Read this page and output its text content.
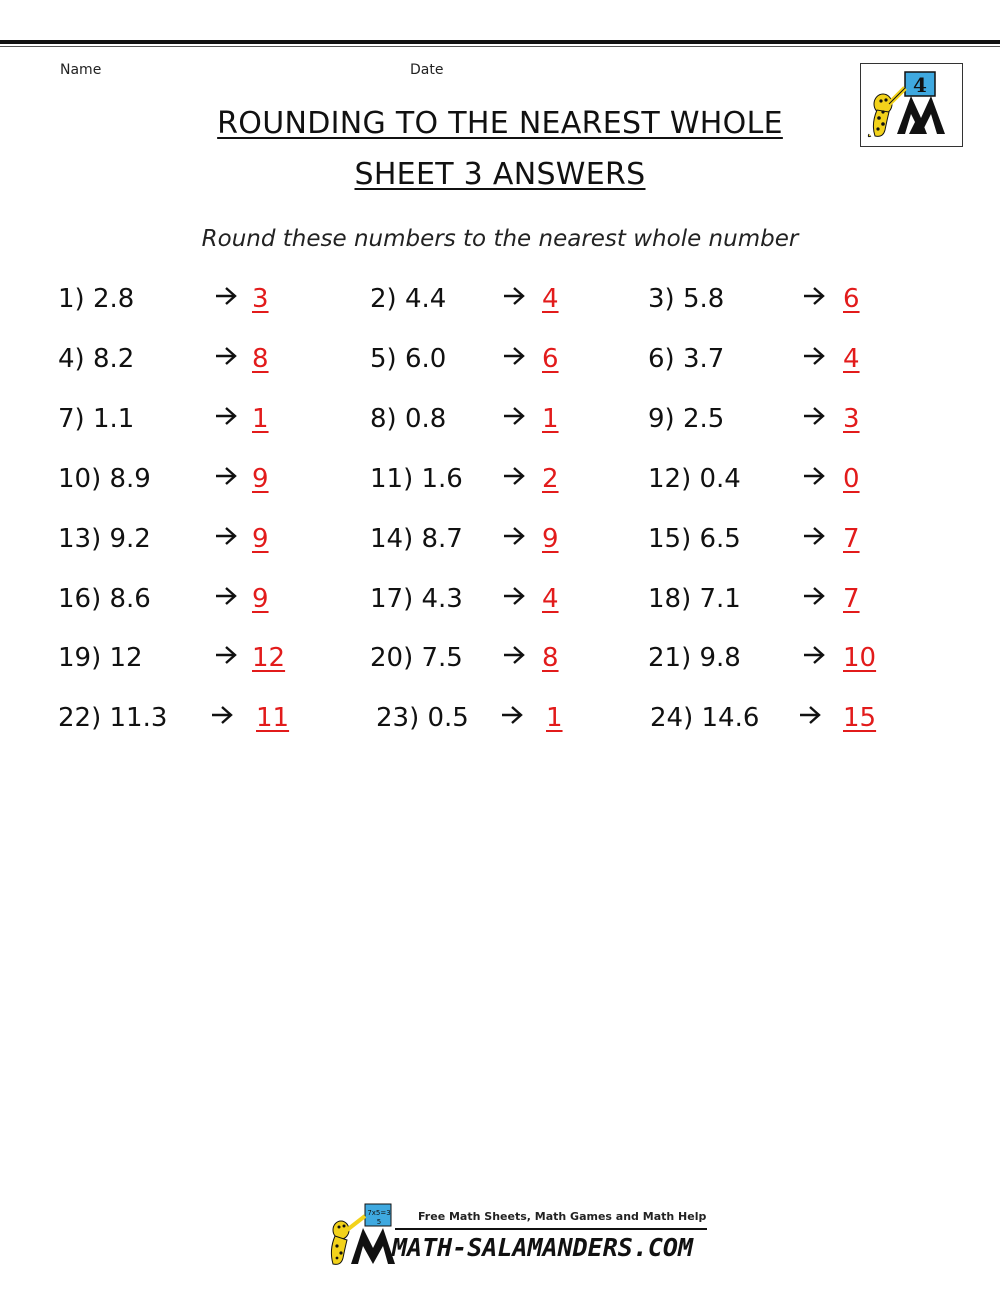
Name	Date
ROUNDING TO THE NEAREST WHOLE
SHEET 3 ANSWERS
Round these numbers to the nearest whole number
4
1) 2.8	3	2) 4.4	4	3) 5.8	6
4) 8.2	8	5) 6.0	6	6) 3.7	4
7) 1.1	1	8) 0.8	1	9) 2.5	3
10) 8.9	9	11) 1.6	2	12) 0.4	0
13) 9.2	9	14) 8.7	9	15) 6.5	7
16) 8.6	9	17) 4.3	4	18) 7.1	7
19) 12	12	20) 7.5	8	21) 9.8	10
22) 11.3	11	23) 0.5	1	24) 14.6	15
7x5=35	Free Math Sheets, Math Games and Math Help
MATH-SALAMANDERS.COM
